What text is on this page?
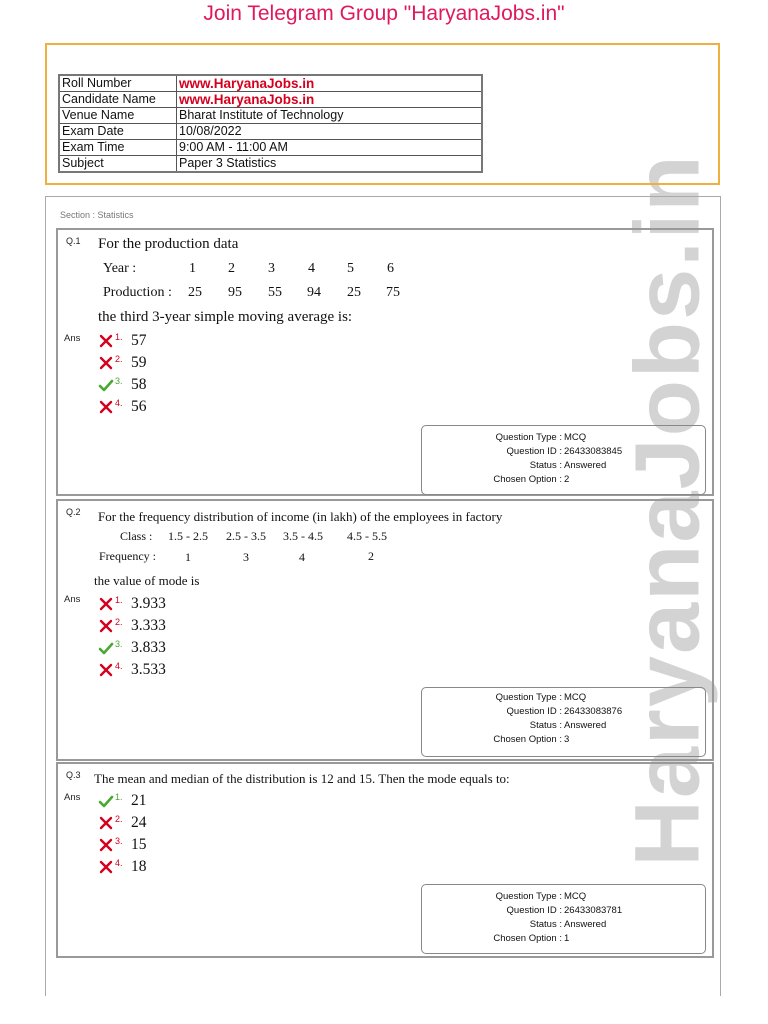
Join Telegram Group "HaryanaJobs.in"
HaryanaJobs.in
Roll Number	www.HaryanaJobs.in
Candidate Name	www.HaryanaJobs.in
Venue Name	Bharat Institute of Technology
Exam Date	10/08/2022
Exam Time	9:00 AM - 11:00 AM
Subject	Paper 3 Statistics
Section : Statistics
Q.1 For the production data
Year :	1 2 3 4 5 6
Production : 25 95 55 94 25 75
the third 3-year simple moving average is:
Ans	1. 57
2. 59
3. 58
4. 56
Question Type : MCQ
Question ID : 26433083845
Status : Answered
Chosen Option : 2
Q.2 For the frequency distribution of income (in lakh) of the employees in factory
Class : 1.5 - 2.5 2.5 - 3.5 3.5 - 4.5 4.5 - 5.5
Frequency : 1	3	4	2
the value of mode is
Ans	1. 3.933
2. 3.333
3. 3.833
4. 3.533
Question Type : MCQ
Question ID : 26433083876
Status : Answered
Chosen Option : 3
Q.3 The mean and median of the distribution is 12 and 15. Then the mode equals to:
Ans	1. 21
2. 24
3. 15
4. 18
Question Type : MCQ
Question ID : 26433083781
Status : Answered
Chosen Option : 1
